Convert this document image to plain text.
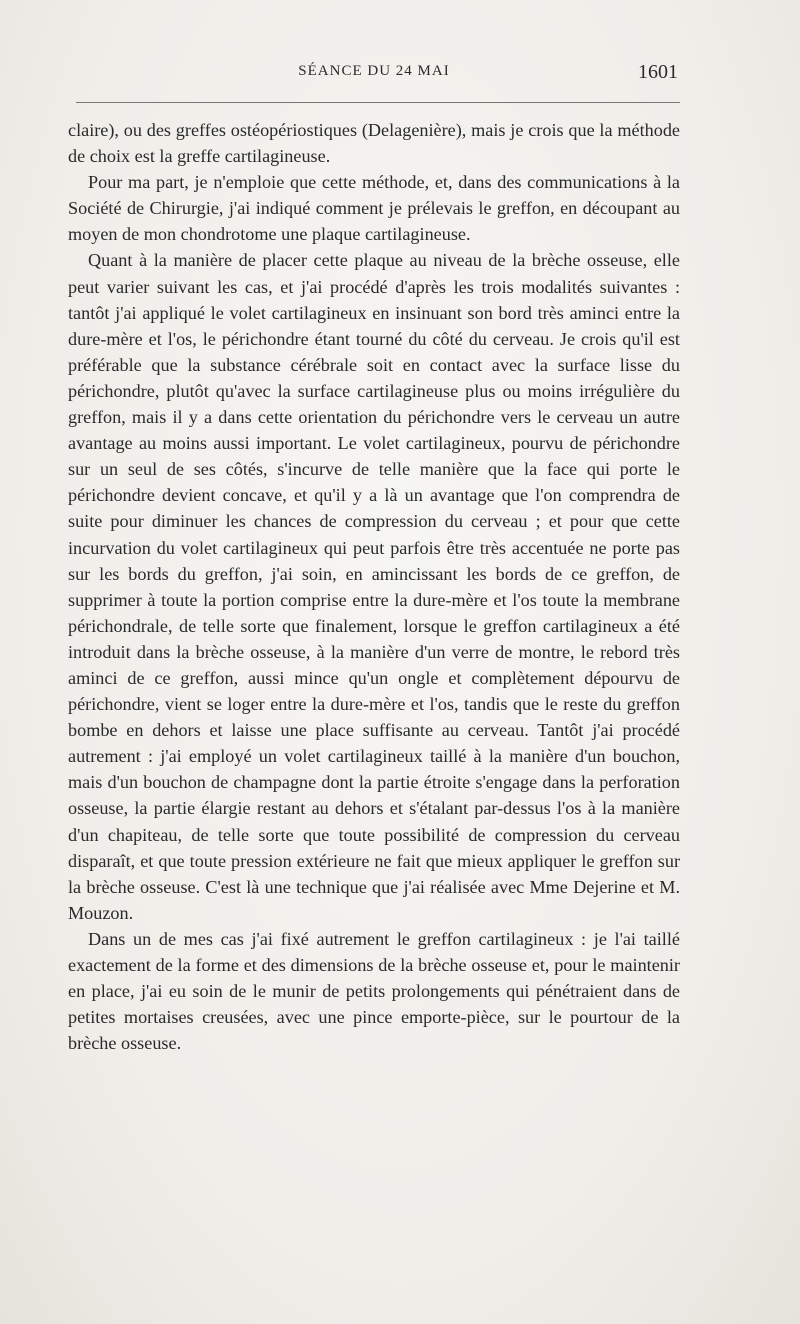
SÉANCE DU 24 MAI	1601

claire), ou des greffes ostéopériostiques (Delagenière), mais je crois que la méthode de choix est la greffe cartilagineuse.

Pour ma part, je n'emploie que cette méthode, et, dans des communications à la Société de Chirurgie, j'ai indiqué comment je prélevais le greffon, en découpant au moyen de mon chondrotome une plaque cartilagineuse.

Quant à la manière de placer cette plaque au niveau de la brèche osseuse, elle peut varier suivant les cas, et j'ai procédé d'après les trois modalités suivantes : tantôt j'ai appliqué le volet cartilagineux en insinuant son bord très aminci entre la dure-mère et l'os, le périchondre étant tourné du côté du cerveau. Je crois qu'il est préférable que la substance cérébrale soit en contact avec la surface lisse du périchondre, plutôt qu'avec la surface cartilagineuse plus ou moins irrégulière du greffon, mais il y a dans cette orientation du périchondre vers le cerveau un autre avantage au moins aussi important. Le volet cartilagineux, pourvu de périchondre sur un seul de ses côtés, s'incurve de telle manière que la face qui porte le périchondre devient concave, et qu'il y a là un avantage que l'on comprendra de suite pour diminuer les chances de compression du cerveau ; et pour que cette incurvation du volet cartilagineux qui peut parfois être très accentuée ne porte pas sur les bords du greffon, j'ai soin, en amincissant les bords de ce greffon, de supprimer à toute la portion comprise entre la dure-mère et l'os toute la membrane périchondrale, de telle sorte que finalement, lorsque le greffon cartilagineux a été introduit dans la brèche osseuse, à la manière d'un verre de montre, le rebord très aminci de ce greffon, aussi mince qu'un ongle et complètement dépourvu de périchondre, vient se loger entre la dure-mère et l'os, tandis que le reste du greffon bombe en dehors et laisse une place suffisante au cerveau. Tantôt j'ai procédé autrement : j'ai employé un volet cartilagineux taillé à la manière d'un bouchon, mais d'un bouchon de champagne dont la partie étroite s'engage dans la perforation osseuse, la partie élargie restant au dehors et s'étalant par-dessus l'os à la manière d'un chapiteau, de telle sorte que toute possibilité de compression du cerveau disparaît, et que toute pression extérieure ne fait que mieux appliquer le greffon sur la brèche osseuse. C'est là une technique que j'ai réalisée avec Mme Dejerine et M. Mouzon.

Dans un de mes cas j'ai fixé autrement le greffon cartilagineux : je l'ai taillé exactement de la forme et des dimensions de la brèche osseuse et, pour le maintenir en place, j'ai eu soin de le munir de petits prolongements qui pénétraient dans de petites mortaises creusées, avec une pince emporte-pièce, sur le pourtour de la brèche osseuse.
